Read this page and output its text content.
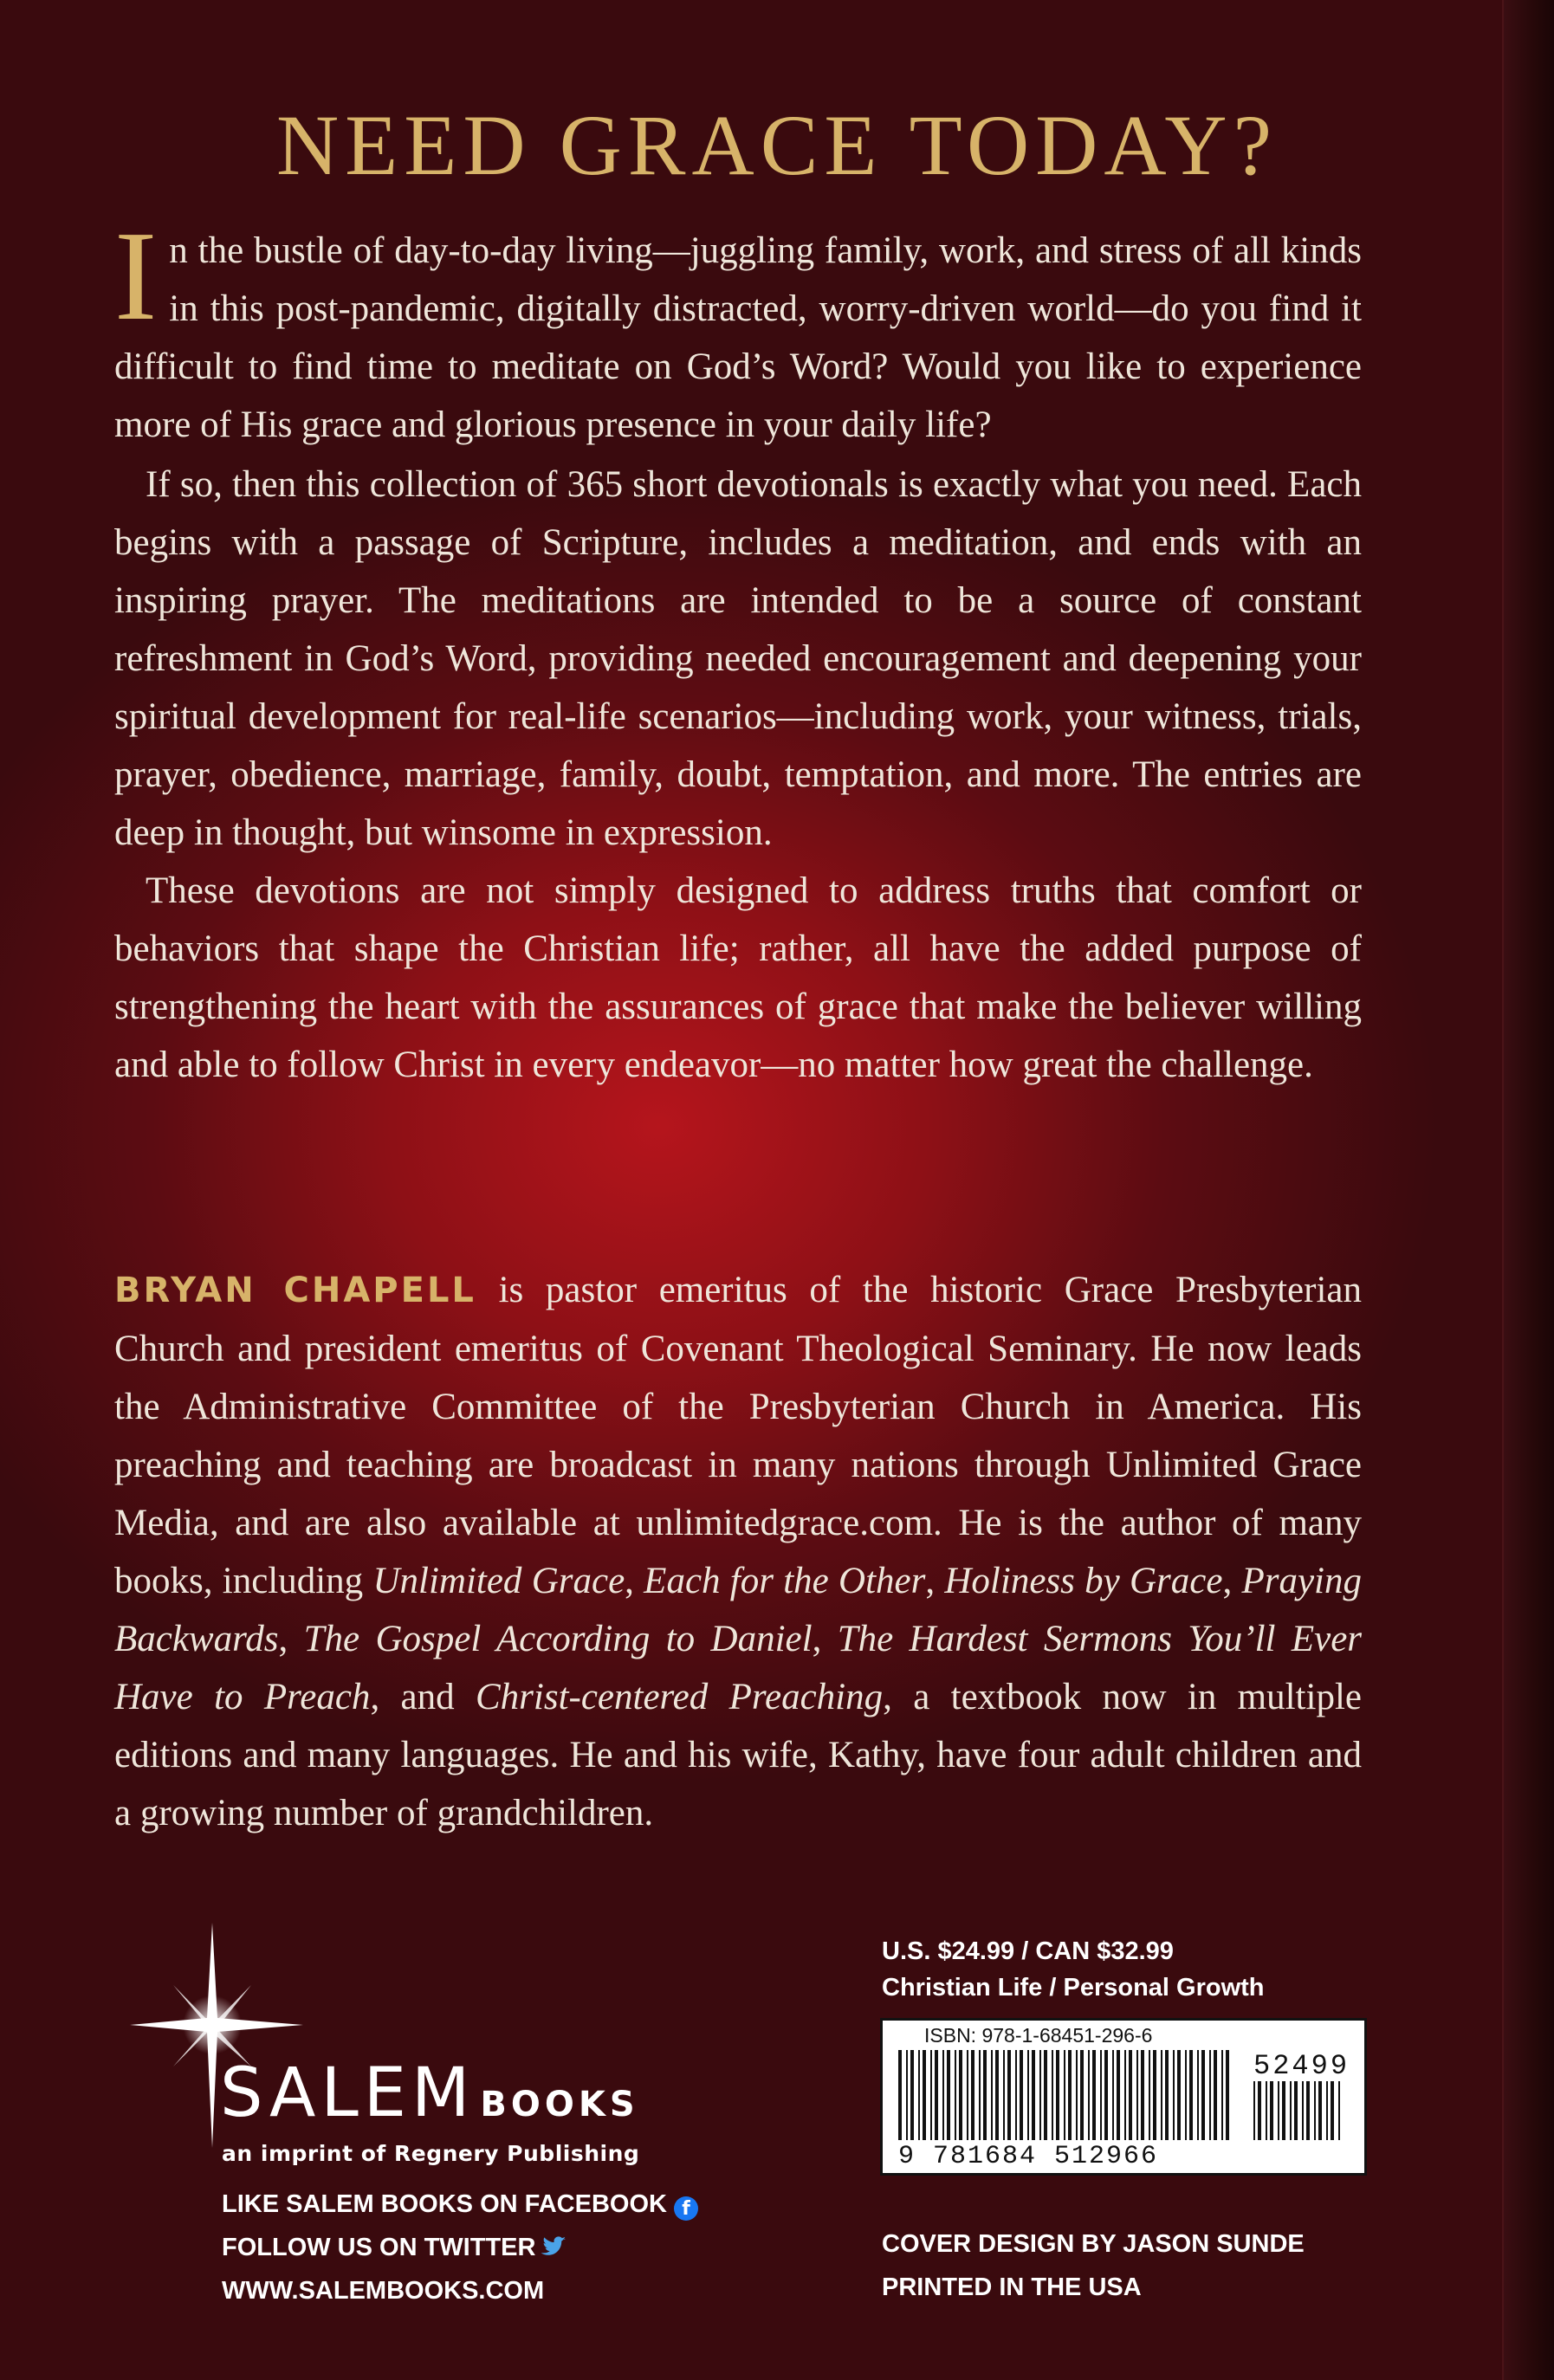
NEED GRACE TODAY?

In the bustle of day-to-day living—juggling family, work, and stress of all kinds in this post-pandemic, digitally distracted, worry-driven world—do you find it difficult to find time to meditate on God’s Word? Would you like to experience more of His grace and glorious presence in your daily life?

If so, then this collection of 365 short devotionals is exactly what you need. Each begins with a passage of Scripture, includes a meditation, and ends with an inspiring prayer. The meditations are intended to be a source of constant refreshment in God’s Word, providing needed encouragement and deepening your spiritual development for real-life scenarios—including work, your witness, trials, prayer, obedience, marriage, family, doubt, temptation, and more. The entries are deep in thought, but winsome in expression.

These devotions are not simply designed to address truths that comfort or behaviors that shape the Christian life; rather, all have the added purpose of strengthening the heart with the assurances of grace that make the believer willing and able to follow Christ in every endeavor—no matter how great the challenge.

BRYAN CHAPELL is pastor emeritus of the historic Grace Presbyterian Church and president emeritus of Covenant Theological Seminary. He now leads the Administrative Committee of the Presbyterian Church in America. His preaching and teaching are broadcast in many nations through Unlimited Grace Media, and are also available at unlimitedgrace.com. He is the author of many books, including Unlimited Grace, Each for the Other, Holiness by Grace, Praying Backwards, The Gospel According to Daniel, The Hardest Sermons You’ll Ever Have to Preach, and Christ-centered Preaching, a textbook now in multiple editions and many languages. He and his wife, Kathy, have four adult children and a growing number of grandchildren.

SALEM BOOKS
an imprint of Regnery Publishing
LIKE SALEM BOOKS ON FACEBOOK f
FOLLOW US ON TWITTER
WWW.SALEMBOOKS.COM
U.S. $24.99 / CAN $32.99
Christian Life / Personal Growth
ISBN: 978-1-68451-296-6
52499
9 781684 512966
COVER DESIGN BY JASON SUNDE
PRINTED IN THE USA
